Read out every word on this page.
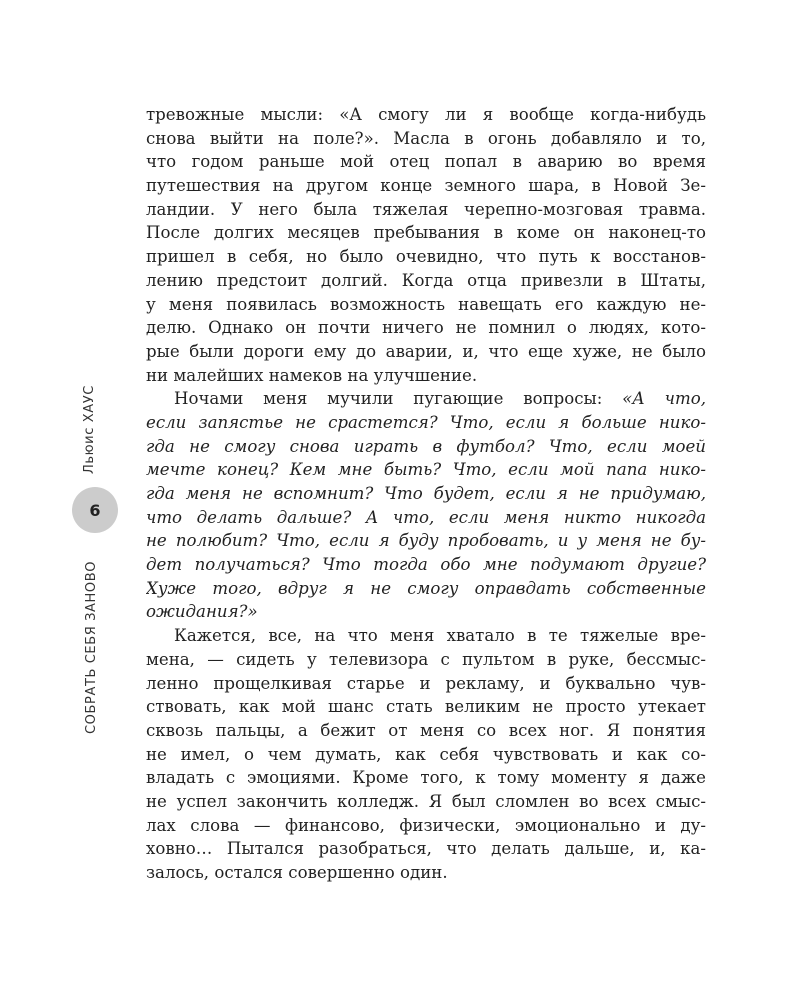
Льюис ХАУС
6
СОБРАТЬ СЕБЯ ЗАНОВО
тревожные мысли: «А смогу ли я вообще когда-нибудь
снова выйти на поле?». Масла в огонь добавляло и то,
что годом раньше мой отец попал в аварию во время
путешествия на другом конце земного шара, в Новой Зе-
ландии. У него была тяжелая черепно-мозговая травма.
После долгих месяцев пребывания в коме он наконец-то
пришел в себя, но было очевидно, что путь к восстанов-
лению предстоит долгий. Когда отца привезли в Штаты,
у меня появилась возможность навещать его каждую не-
делю. Однако он почти ничего не помнил о людях, кото-
рые были дороги ему до аварии, и, что еще хуже, не было
ни малейших намеков на улучшение.
Ночами меня мучили пугающие вопросы: «А что,
если запястье не срастется? Что, если я больше нико-
гда не смогу снова играть в футбол? Что, если моей
мечте конец? Кем мне быть? Что, если мой папа нико-
гда меня не вспомнит? Что будет, если я не придумаю,
что делать дальше? А что, если меня никто никогда
не полюбит? Что, если я буду пробовать, и у меня не бу-
дет получаться? Что тогда обо мне подумают другие?
Хуже того, вдруг я не смогу оправдать собственные
ожидания?»
Кажется, все, на что меня хватало в те тяжелые вре-
мена, — сидеть у телевизора с пультом в руке, бессмыс-
ленно прощелкивая старье и рекламу, и буквально чув-
ствовать, как мой шанс стать великим не просто утекает
сквозь пальцы, а бежит от меня со всех ног. Я понятия
не имел, о чем думать, как себя чувствовать и как со-
владать с эмоциями. Кроме того, к тому моменту я даже
не успел закончить колледж. Я был сломлен во всех смыс-
лах слова — финансово, физически, эмоционально и ду-
ховно… Пытался разобраться, что делать дальше, и, ка-
залось, остался совершенно один.
